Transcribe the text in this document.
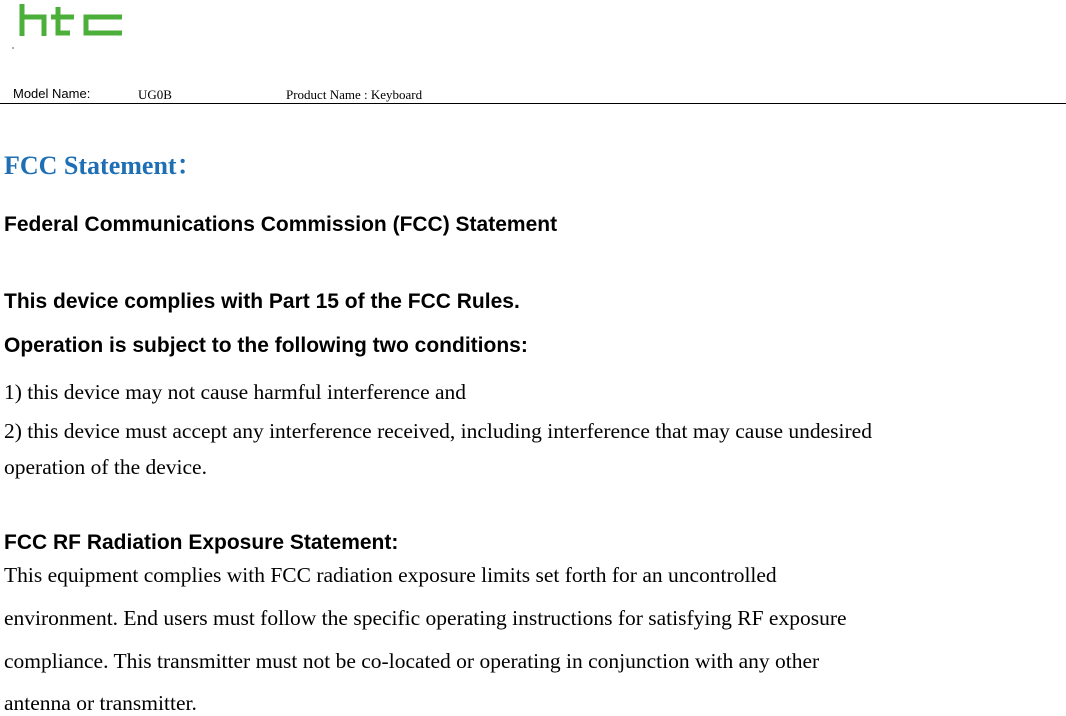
Model Name:	UG0B	Product Name : Keyboard
FCC Statement：
Federal Communications Commission (FCC) Statement
This device complies with Part 15 of the FCC Rules.
Operation is subject to the following two conditions:
1) this device may not cause harmful interference and
2) this device must accept any interference received, including interference that may cause undesired
operation of the device.
FCC RF Radiation Exposure Statement:
This equipment complies with FCC radiation exposure limits set forth for an uncontrolled
environment. End users must follow the specific operating instructions for satisfying RF exposure
compliance. This transmitter must not be co-located or operating in conjunction with any other
antenna or transmitter.
